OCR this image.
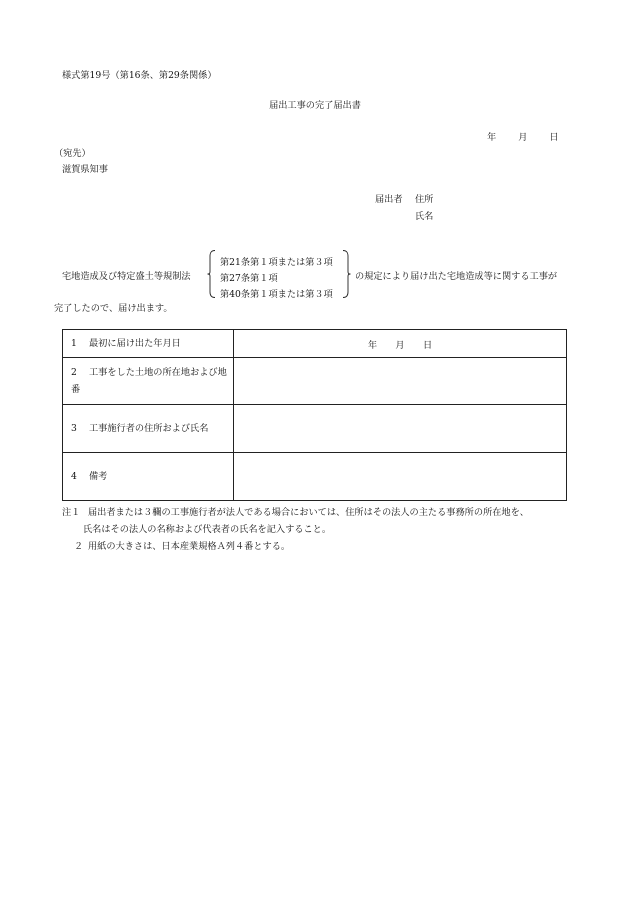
様式第19号（第16条、第29条関係）
届出工事の完了届出書
年 月 日
（宛先）
滋賀県知事
届出者 住所
氏名
宅地造成及び特定盛土等規制法
第21条第１項または第３項
第27条第１項
第40条第１項または第３項
の規定により届け出た宅地造成等に関する工事が
完了したので、届け出ます。
1 最初に届け出た年月日	年　　月　　日
2 工事をした土地の所在地および地番	
3 工事施行者の住所および氏名	
4 備考	
注１ 届出者または３欄の工事施行者が法人である場合においては、住所はその法人の主たる事務所の所在地を、
氏名はその法人の名称および代表者の氏名を記入すること。
２ 用紙の大きさは、日本産業規格Ａ列４番とする。
